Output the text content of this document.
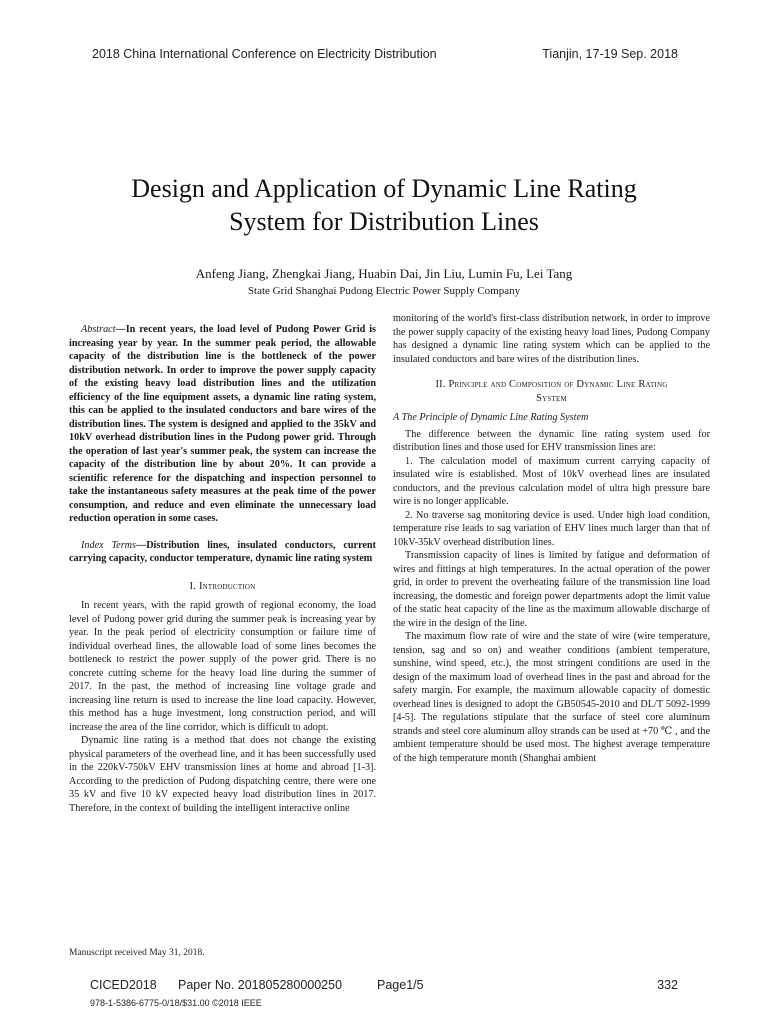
2018 China International Conference on Electricity Distribution	Tianjin, 17-19 Sep. 2018
Design and Application of Dynamic Line Rating
System for Distribution Lines
Anfeng Jiang, Zhengkai Jiang, Huabin Dai, Jin Liu, Lumin Fu, Lei Tang
State Grid Shanghai Pudong Electric Power Supply Company

Abstract—In recent years, the load level of Pudong Power Grid is increasing year by year. In the summer peak period, the allowable capacity of the distribution line is the bottleneck of the power distribution network. In order to improve the power supply capacity of the existing heavy load distribution lines and the utilization efficiency of the line equipment assets, a dynamic line rating system, this can be applied to the insulated conductors and bare wires of the distribution lines. The system is designed and applied to the 35kV and 10kV overhead distribution lines in the Pudong power grid. Through the operation of last year's summer peak, the system can increase the capacity of the distribution line by about 20%. It can provide a scientific reference for the dispatching and inspection personnel to take the instantaneous safety measures at the peak time of the power consumption, and reduce and even eliminate the unnecessary load reduction operation in some cases.

Index Terms—Distribution lines, insulated conductors, current carrying capacity, conductor temperature, dynamic line rating system

I. Introduction

In recent years, with the rapid growth of regional economy, the load level of Pudong power grid during the summer peak is increasing year by year. In the peak period of electricity consumption or failure time of individual overhead lines, the allowable load of some lines becomes the bottleneck to restrict the power supply of the power grid. There is no concrete cutting scheme for the heavy load line during the summer of 2017. In the past, the method of increasing line voltage grade and increasing line return is used to increase the line load capacity. However, this method has a huge investment, long construction period, and will increase the area of the line corridor, which is difficult to adopt.

Dynamic line rating is a method that does not change the existing physical parameters of the overhead line, and it has been successfully used in the 220kV-750kV EHV transmission lines at home and abroad [1-3]. According to the prediction of Pudong dispatching centre, there were one 35 kV and five 10 kV expected heavy load distribution lines in 2017. Therefore, in the context of building the intelligent interactive online

monitoring of the world's first-class distribution network, in order to improve the power supply capacity of the existing heavy load lines, Pudong Company has designed a dynamic line rating system which can be applied to the insulated conductors and bare wires of the distribution lines.

II. Principle and Composition of Dynamic Line Rating
System

A The Principle of Dynamic Line Rating System

The difference between the dynamic line rating system used for distribution lines and those used for EHV transmission lines are:

1. The calculation model of maximum current carrying capacity of insulated wire is established. Most of 10kV overhead lines are insulated conductors, and the previous calculation model of ultra high pressure bare wire is no longer applicable.

2. No traverse sag monitoring device is used. Under high load condition, temperature rise leads to sag variation of EHV lines much larger than that of 10kV-35kV overhead distribution lines.

Transmission capacity of lines is limited by fatigue and deformation of wires and fittings at high temperatures. In the actual operation of the power grid, in order to prevent the overheating failure of the transmission line load increasing, the domestic and foreign power departments adopt the limit value of the static heat capacity of the line as the maximum allowable discharge of the wire in the design of the line.

The maximum flow rate of wire and the state of wire (wire temperature, tension, sag and so on) and weather conditions (ambient temperature, sunshine, wind speed, etc.), the most stringent conditions are used in the design of the maximum load of overhead lines in the past and abroad for the safety margin. For example, the maximum allowable capacity of domestic overhead lines is designed to adopt the GB50545-2010 and DL/T 5092-1999 [4-5]. The regulations stipulate that the surface of steel core aluminum strands and steel core aluminum alloy strands can be used at +70 ℃ , and the ambient temperature should be used most. The highest average temperature of the high temperature month (Shanghai ambient

Manuscript received May 31, 2018.
CICED2018 Paper No. 201805280000250	Page1/5	332
978-1-5386-6775-0/18/$31.00 ©2018 IEEE
